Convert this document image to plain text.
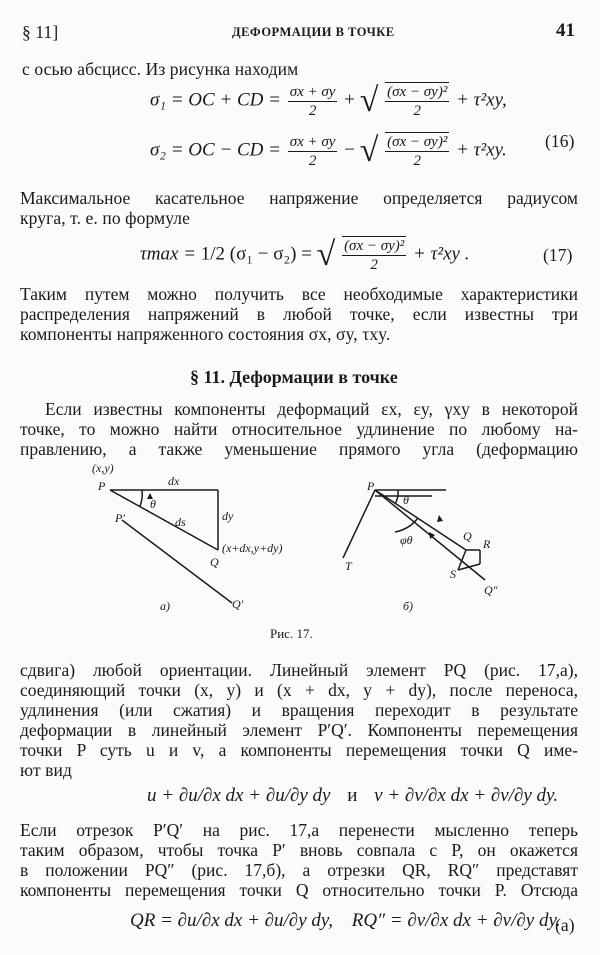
§ 11]	ДЕФОРМАЦИИ В ТОЧКЕ	41
с осью абсцисс. Из рисунка находим
σ₁ = OC + CD = $\frac{\sigma x + \sigma y}{2}$ + √ $\frac{\text{(σx − σy)²}}{2} + \tau^2xy$,
σ₂ = OC − CD = $\frac{\sigma x + \sigma y}{2}$ − √ $\frac{\text{(σx − σy)²}}{2} + \tau^2xy$. (16)
Максимальное касательное напряжение определяется радиусом
круга, т. е. по формуле
τmax = 1/2 (σ₁ − σ₂) = √ $\frac{\text{(σx − σy)²}}{2} + \tau^2xy$ .	(17)
Таким путем можно получить все необходимые характеристики
распределения напряжений в любой точке, если известны три
компоненты напряженного состояния σx, σy, τxy.
§ 11. Деформации в точке
Если известны компоненты деформаций εx, εy, γxy в некоторой
точке, то можно найти относительное удлинение по любому на-
правлению, а также уменьшение прямого угла (деформацию
(x,y)
P	dx
θ
ds	dy
P′
Q
(x+dx,y+dy)
Q′
a)
P
θ
φθ
T
Q
R
S
Q″
б)
Рис. 17.
сдвига) любой ориентации. Линейный элемент PQ (рис. 17,a),
соединяющий точки (x, y) и (x + dx, y + dy), после переноса,
удлинения (или сжатия) и вращения переходит в результате
деформации в линейный элемент P′Q′. Компоненты перемещения
точки P суть u и v, а компоненты перемещения точки Q име-
ют вид
u + ∂u/∂x dx + ∂u/∂y dy и v + ∂v/∂x dx + ∂v/∂y dy.
Если отрезок P′Q′ на рис. 17,a перенести мысленно теперь
таким образом, чтобы точка P′ вновь совпала с P, он окажется
в положении PQ″ (рис. 17,б), а отрезки QR, RQ″ представят
компоненты перемещения точки Q относительно точки P. Отсюда
QR = ∂u/∂x dx + ∂u/∂y dy, RQ″ = ∂v/∂x dx + ∂v/∂y dy.
(a)
